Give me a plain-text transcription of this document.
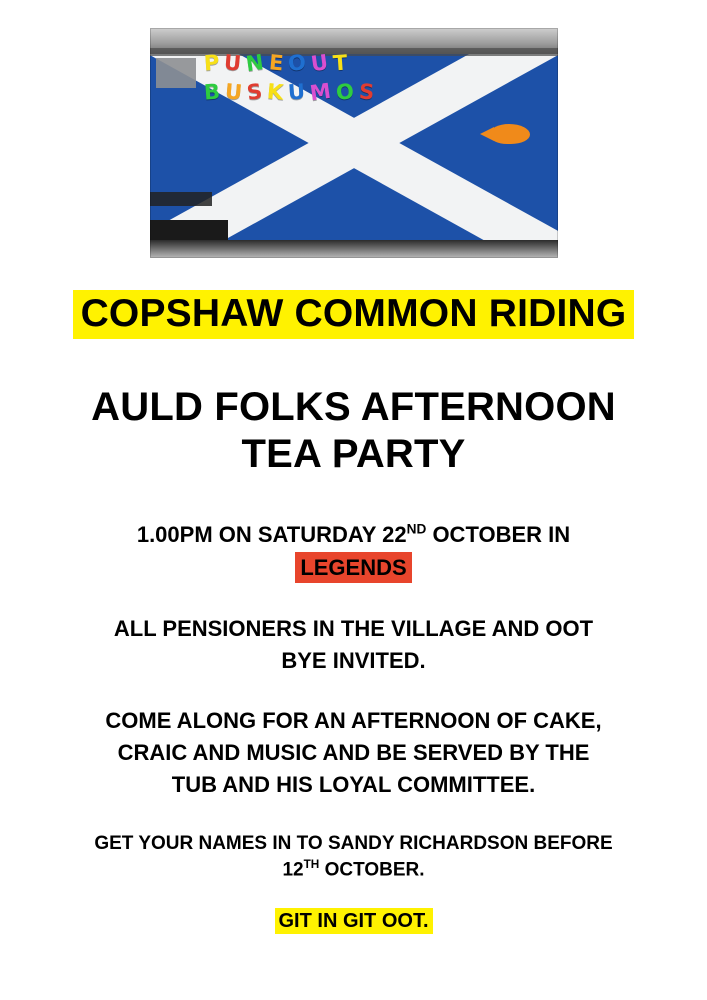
P UNEOUT
B USKUMO S
COPSHAW COMMON RIDING
AULD FOLKS AFTERNOON
TEA PARTY
1.00PM ON SATURDAY 22ND OCTOBER IN
LEGENDS
ALL PENSIONERS IN THE VILLAGE AND OOT
BYE INVITED.
COME ALONG FOR AN AFTERNOON OF CAKE,
CRAIC AND MUSIC AND BE SERVED BY THE
TUB AND HIS LOYAL COMMITTEE.
GET YOUR NAMES IN TO SANDY RICHARDSON BEFORE
12TH OCTOBER.
GIT IN GIT OOT.
